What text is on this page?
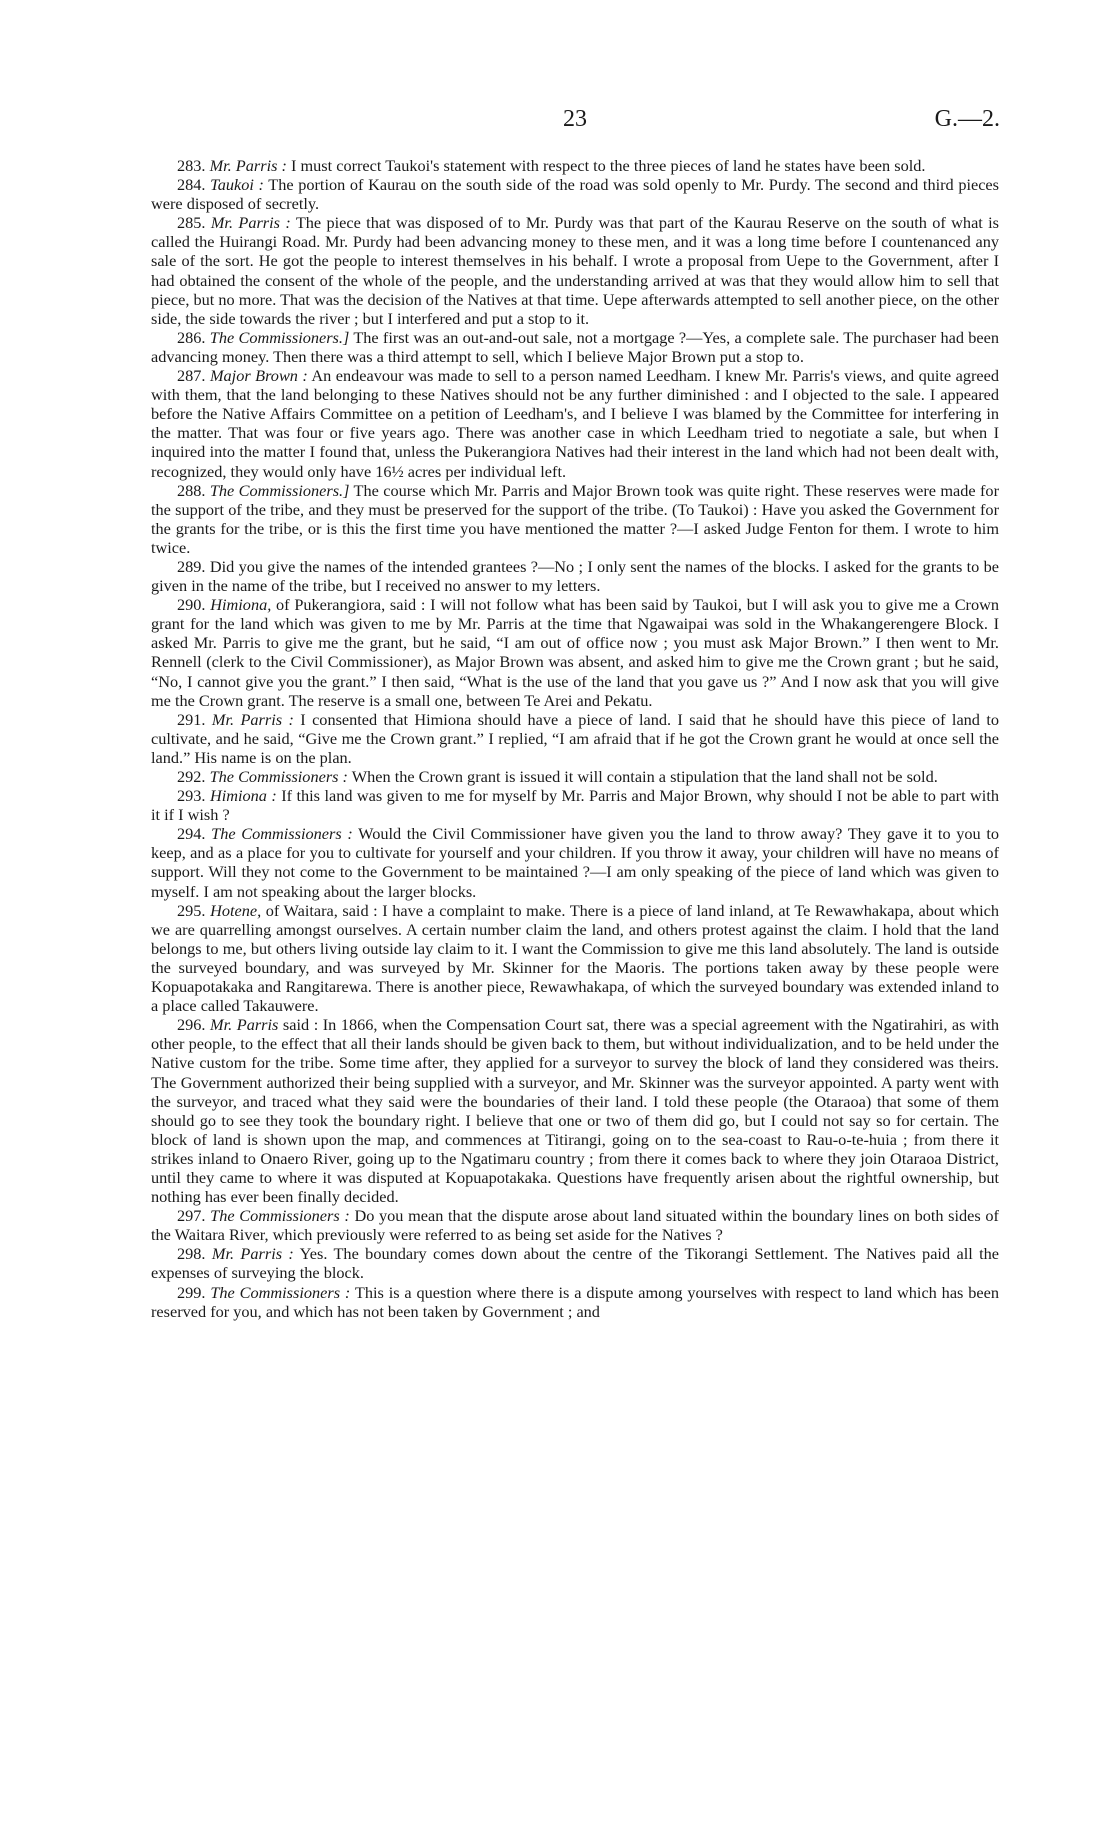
23	G.—2.

283. Mr. Parris : I must correct Taukoi's statement with respect to the three pieces of land he states have been sold.

284. Taukoi : The portion of Kaurau on the south side of the road was sold openly to Mr. Purdy. The second and third pieces were disposed of secretly.

285. Mr. Parris : The piece that was disposed of to Mr. Purdy was that part of the Kaurau Reserve on the south of what is called the Huirangi Road. Mr. Purdy had been advancing money to these men, and it was a long time before I countenanced any sale of the sort. He got the people to interest themselves in his behalf. I wrote a proposal from Uepe to the Government, after I had obtained the consent of the whole of the people, and the understanding arrived at was that they would allow him to sell that piece, but no more. That was the decision of the Natives at that time. Uepe afterwards attempted to sell another piece, on the other side, the side towards the river ; but I interfered and put a stop to it.

286. The Commissioners.] The first was an out-and-out sale, not a mortgage ?—Yes, a complete sale. The purchaser had been advancing money. Then there was a third attempt to sell, which I believe Major Brown put a stop to.

287. Major Brown : An endeavour was made to sell to a person named Leedham. I knew Mr. Parris's views, and quite agreed with them, that the land belonging to these Natives should not be any further diminished : and I objected to the sale. I appeared before the Native Affairs Committee on a petition of Leedham's, and I believe I was blamed by the Committee for interfering in the matter. That was four or five years ago. There was another case in which Leedham tried to negotiate a sale, but when I inquired into the matter I found that, unless the Pukerangiora Natives had their interest in the land which had not been dealt with, recognized, they would only have 16½ acres per individual left.

288. The Commissioners.] The course which Mr. Parris and Major Brown took was quite right. These reserves were made for the support of the tribe, and they must be preserved for the support of the tribe. (To Taukoi) : Have you asked the Government for the grants for the tribe, or is this the first time you have mentioned the matter ?—I asked Judge Fenton for them. I wrote to him twice.

289. Did you give the names of the intended grantees ?—No ; I only sent the names of the blocks. I asked for the grants to be given in the name of the tribe, but I received no answer to my letters.

290. Himiona, of Pukerangiora, said : I will not follow what has been said by Taukoi, but I will ask you to give me a Crown grant for the land which was given to me by Mr. Parris at the time that Ngawaipai was sold in the Whakangerengere Block. I asked Mr. Parris to give me the grant, but he said, “I am out of office now ; you must ask Major Brown.” I then went to Mr. Rennell (clerk to the Civil Commissioner), as Major Brown was absent, and asked him to give me the Crown grant ; but he said, “No, I cannot give you the grant.” I then said, “What is the use of the land that you gave us ?” And I now ask that you will give me the Crown grant. The reserve is a small one, between Te Arei and Pekatu.

291. Mr. Parris : I consented that Himiona should have a piece of land. I said that he should have this piece of land to cultivate, and he said, “Give me the Crown grant.” I replied, “I am afraid that if he got the Crown grant he would at once sell the land.” His name is on the plan.

292. The Commissioners : When the Crown grant is issued it will contain a stipulation that the land shall not be sold.

293. Himiona : If this land was given to me for myself by Mr. Parris and Major Brown, why should I not be able to part with it if I wish ?

294. The Commissioners : Would the Civil Commissioner have given you the land to throw away? They gave it to you to keep, and as a place for you to cultivate for yourself and your children. If you throw it away, your children will have no means of support. Will they not come to the Government to be maintained ?—I am only speaking of the piece of land which was given to myself. I am not speaking about the larger blocks.

295. Hotene, of Waitara, said : I have a complaint to make. There is a piece of land inland, at Te Rewawhakapa, about which we are quarrelling amongst ourselves. A certain number claim the land, and others protest against the claim. I hold that the land belongs to me, but others living outside lay claim to it. I want the Commission to give me this land absolutely. The land is outside the surveyed boundary, and was surveyed by Mr. Skinner for the Maoris. The portions taken away by these people were Kopuapotakaka and Rangitarewa. There is another piece, Rewawhakapa, of which the surveyed boundary was extended inland to a place called Takauwere.

296. Mr. Parris said : In 1866, when the Compensation Court sat, there was a special agreement with the Ngatirahiri, as with other people, to the effect that all their lands should be given back to them, but without individualization, and to be held under the Native custom for the tribe. Some time after, they applied for a surveyor to survey the block of land they considered was theirs. The Government authorized their being supplied with a surveyor, and Mr. Skinner was the surveyor appointed. A party went with the surveyor, and traced what they said were the boundaries of their land. I told these people (the Otaraoa) that some of them should go to see they took the boundary right. I believe that one or two of them did go, but I could not say so for certain. The block of land is shown upon the map, and commences at Titirangi, going on to the sea-coast to Rau-o-te-huia ; from there it strikes inland to Onaero River, going up to the Ngatimaru country ; from there it comes back to where they join Otaraoa District, until they came to where it was disputed at Kopuapotakaka. Questions have frequently arisen about the rightful ownership, but nothing has ever been finally decided.

297. The Commissioners : Do you mean that the dispute arose about land situated within the boundary lines on both sides of the Waitara River, which previously were referred to as being set aside for the Natives ?

298. Mr. Parris : Yes. The boundary comes down about the centre of the Tikorangi Settlement. The Natives paid all the expenses of surveying the block.

299. The Commissioners : This is a question where there is a dispute among yourselves with respect to land which has been reserved for you, and which has not been taken by Government ; and
